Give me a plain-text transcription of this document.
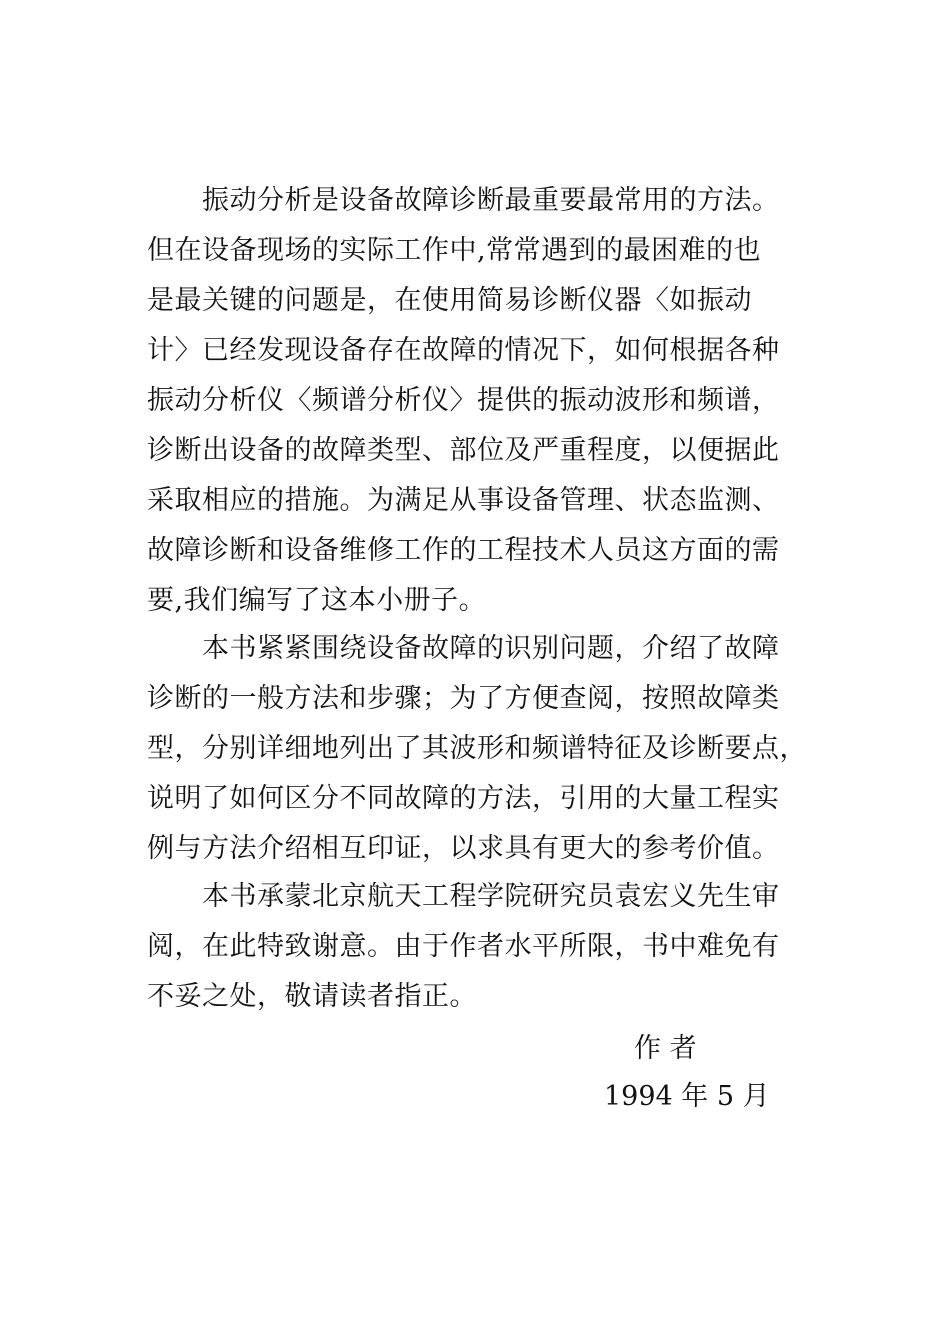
振动分析是设备故障诊断最重要最常用的方法。
但在设备现场的实际工作中,常常遇到的最困难的也
是最关键的问题是，在使用简易诊断仪器〈如振动
计〉已经发现设备存在故障的情况下，如何根据各种
振动分析仪〈频谱分析仪〉提供的振动波形和频谱，
诊断出设备的故障类型、部位及严重程度，以便据此
采取相应的措施。为满足从事设备管理、状态监测、
故障诊断和设备维修工作的工程技术人员这方面的需
要,我们编写了这本小册子。
本书紧紧围绕设备故障的识别问题，介绍了故障
诊断的一般方法和步骤；为了方便查阅，按照故障类
型，分别详细地列出了其波形和频谱特征及诊断要点，
说明了如何区分不同故障的方法，引用的大量工程实
例与方法介绍相互印证，以求具有更大的参考价值。
本书承蒙北京航天工程学院研究员袁宏义先生审
阅，在此特致谢意。由于作者水平所限，书中难免有
不妥之处，敬请读者指正。
作 者
1994 年 5 月
